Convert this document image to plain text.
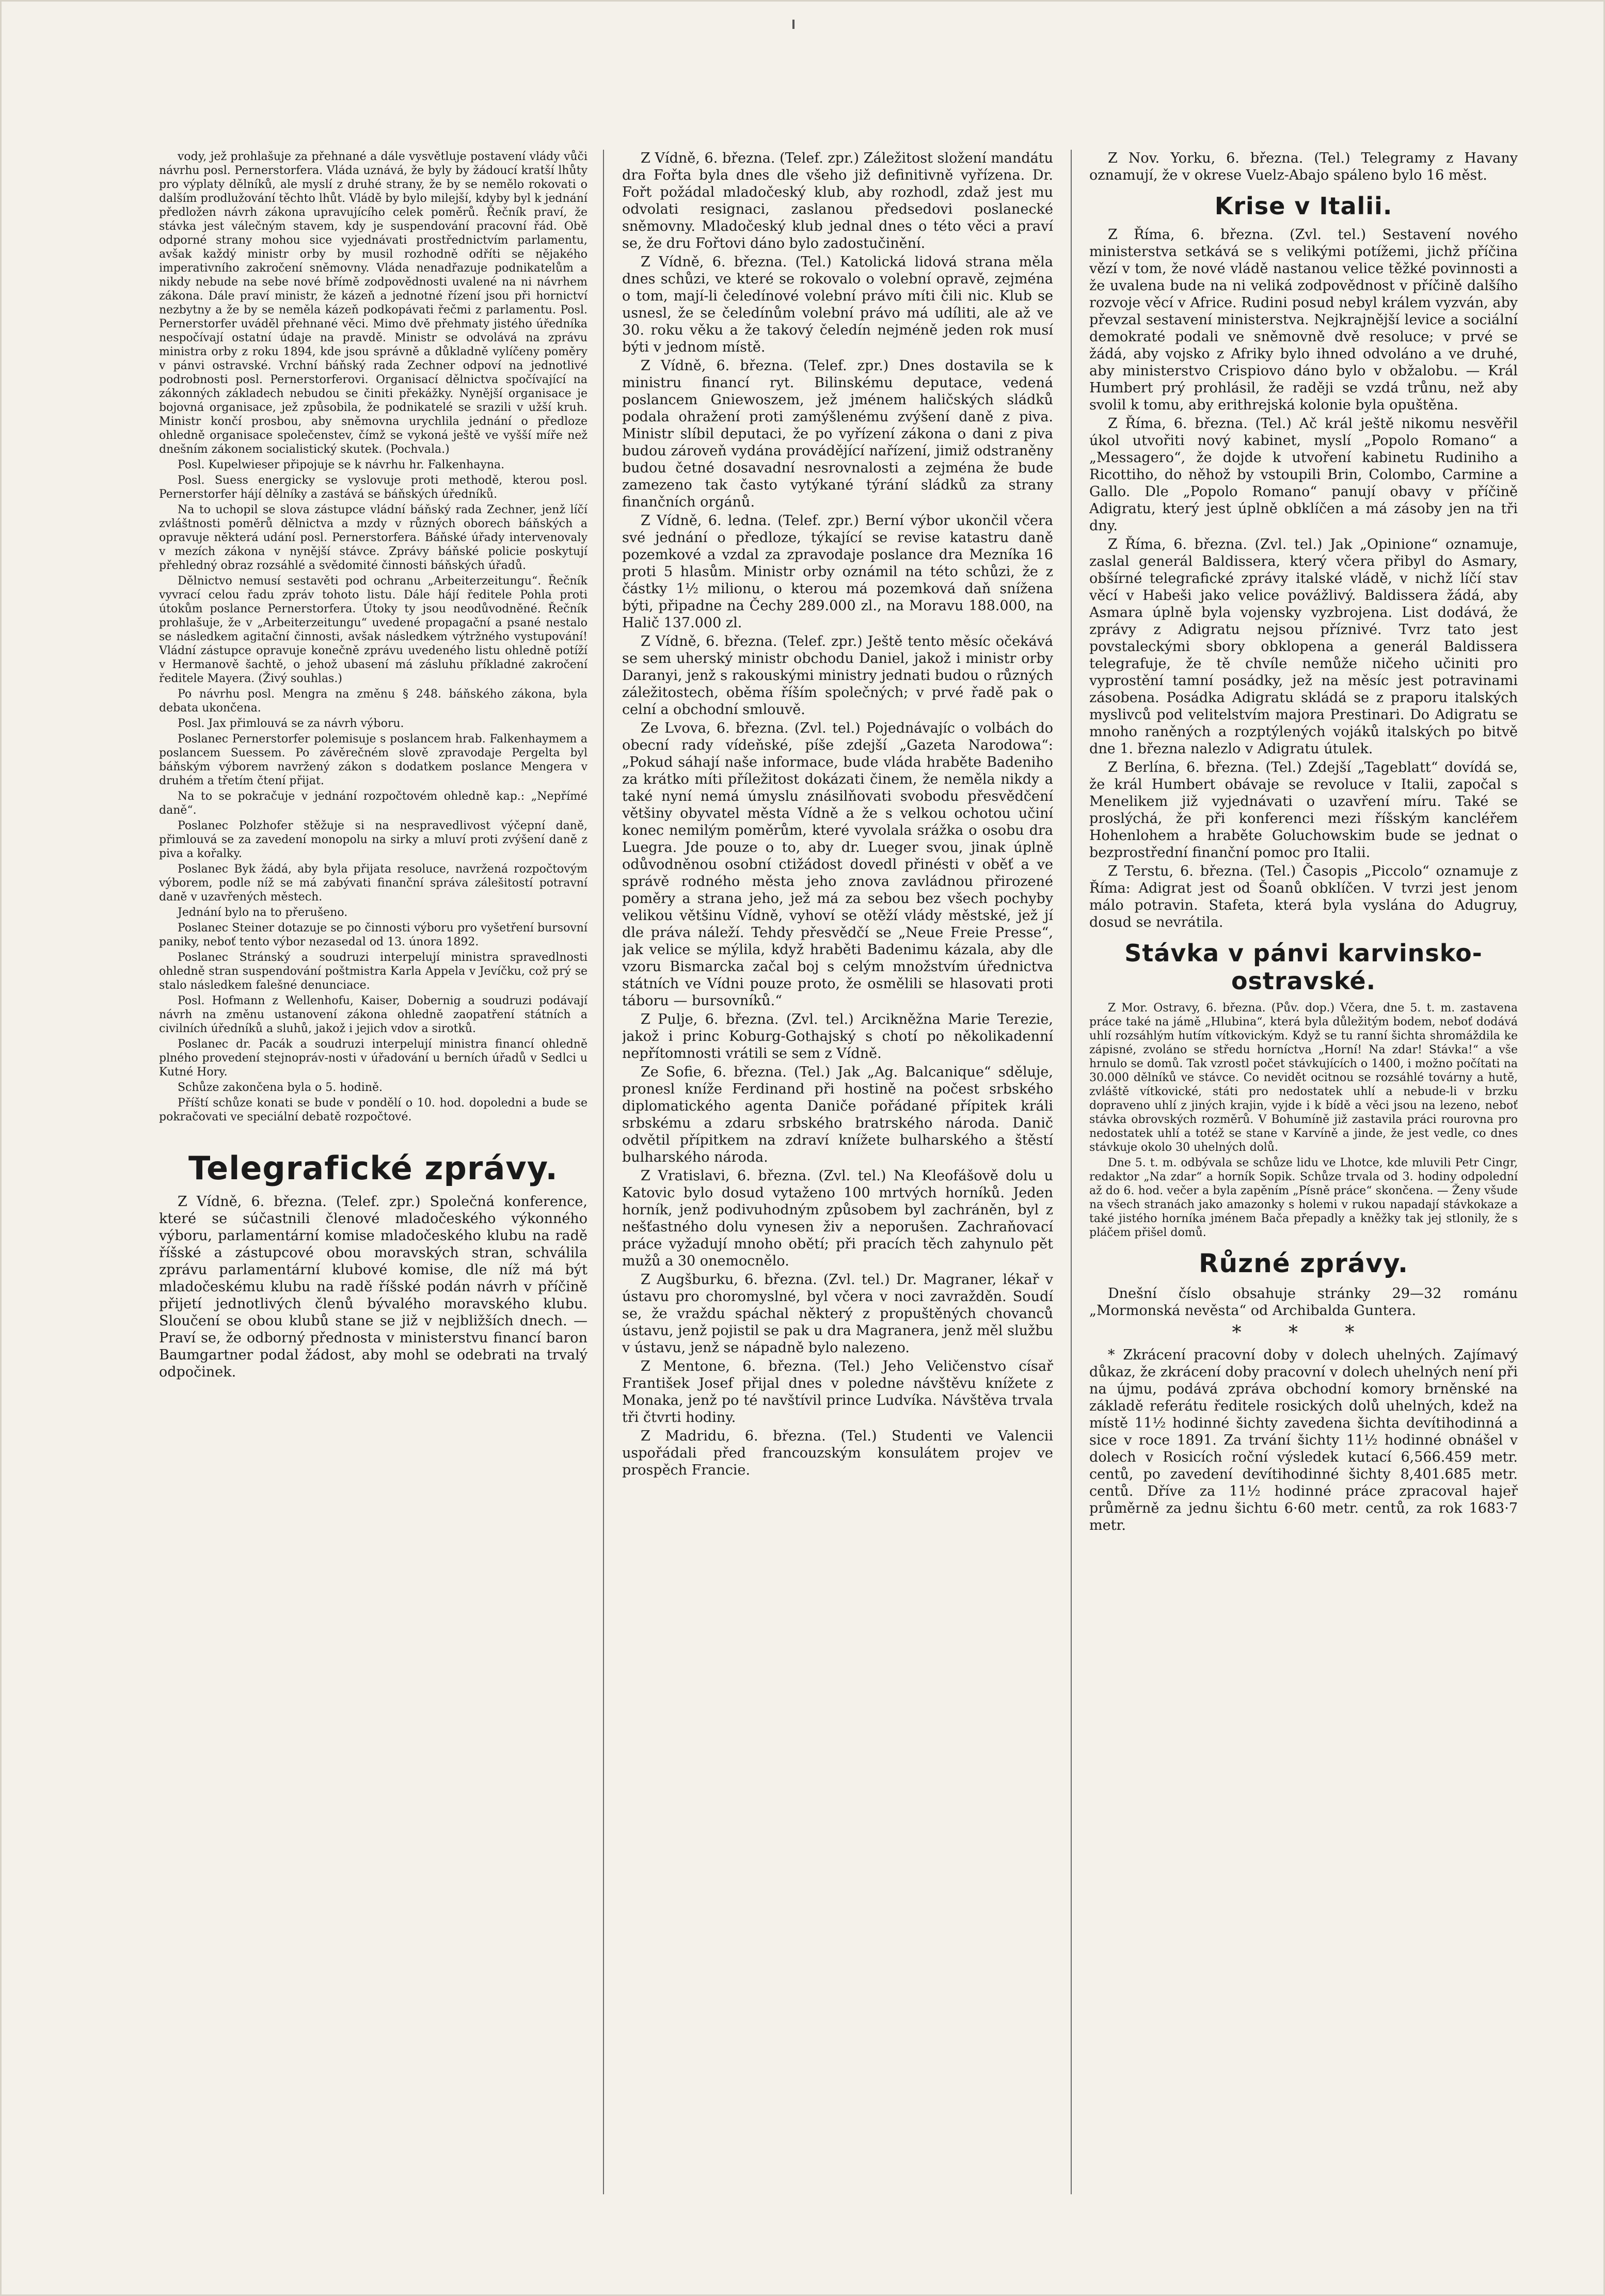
vody, jež prohlašuje za přehnané a dále vysvětluje postavení vlády vůči návrhu posl. Pernerstorfera. Vláda uznává, že byly by žádoucí kratší lhůty pro výplaty dělníků, ale myslí z druhé strany, že by se nemělo rokovati o dalším prodlužování těchto lhůt. Vládě by bylo milejší, kdyby byl k jednání předložen návrh zákona upravujícího celek poměrů. Řečník praví, že stávka jest válečným stavem, kdy je suspendování pracovní řád. Obě odporné strany mohou sice vyjednávati prostřednictvím parlamentu, avšak každý ministr orby by musil rozhodně odříti se nějakého imperativního zakročení sněmovny. Vláda nenadřazuje podnikatelům a nikdy nebude na sebe nové břímě zodpovědnosti uvalené na ni návrhem zákona. Dále praví ministr, že kázeň a jednotné řízení jsou při hornictví nezbytny a že by se neměla kázeň podkopávati řečmi z parlamentu. Posl. Pernerstorfer uváděl přehnané věci. Mimo dvě přehmaty jistého úředníka nespočívají ostatní údaje na pravdě. Ministr se odvolává na zprávu ministra orby z roku 1894, kde jsou správně a důkladně vylíčeny poměry v pánvi ostravské. Vrchní báňský rada Zechner odpoví na jednotlivé podrobnosti posl. Pernerstorferovi. Organisací dělnictva spočívající na zákonných základech nebudou se činiti překážky. Nynější organisace je bojovná organisace, jež způsobila, že podnikatelé se srazili v užší kruh. Ministr končí prosbou, aby sněmovna urychlila jednání o předloze ohledně organisace společenstev, čímž se vykoná ještě ve vyšší míře než dnešním zákonem socialistický skutek. (Pochvala.)

Posl. Kupelwieser připojuje se k návrhu hr. Falkenhayna.

Posl. Suess energicky se vyslovuje proti methodě, kterou posl. Pernerstorfer hájí dělníky a zastává se báňských úředníků.

Na to uchopil se slova zástupce vládní báňský rada Zechner, jenž líčí zvláštnosti poměrů dělnictva a mzdy v různých oborech báňských a opravuje některá udání posl. Pernerstorfera. Báňské úřady intervenovaly v mezích zákona v nynější stávce. Zprávy báňské policie poskytují přehledný obraz rozsáhlé a svědomité činnosti báňských úřadů.

Dělnictvo nemusí sestavěti pod ochranu „Arbeiterzeitungu“. Řečník vyvrací celou řadu zpráv tohoto listu. Dále hájí ředitele Pohla proti útokům poslance Pernerstorfera. Útoky ty jsou neodůvodněné. Řečník prohlašuje, že v „Arbeiterzeitungu“ uvedené propagační a psané nestalo se následkem agitační činnosti, avšak následkem výtržného vystupování! Vládní zástupce opravuje konečně zprávu uvedeného listu ohledně potíží v Hermanově šachtě, o jehož ubasení má zásluhu příkladné zakročení ředitele Mayera. (Živý souhlas.)

Po návrhu posl. Mengra na změnu § 248. báňského zákona, byla debata ukončena.

Posl. Jax přimlouvá se za návrh výboru.

Poslanec Pernerstorfer polemisuje s poslancem hrab. Falkenhaymem a poslancem Suessem. Po závěrečném slově zpravodaje Pergelta byl báňským výborem navržený zákon s dodatkem poslance Mengera v druhém a třetím čtení přijat.

Na to se pokračuje v jednání rozpočtovém ohledně kap.: „Nepřímé daně“.

Poslanec Polzhofer stěžuje si na nespravedlivost výčepní daně, přimlouvá se za zavedení monopolu na sirky a mluví proti zvýšení daně z piva a kořalky.

Poslanec Byk žádá, aby byla přijata resoluce, navržená rozpočtovým výborem, podle níž se má zabývati finanční správa zálešitostí potravní daně v uzavřených městech.

Jednání bylo na to přerušeno.

Poslanec Steiner dotazuje se po činnosti výboru pro vyšetření bursovní paniky, neboť tento výbor nezasedal od 13. února 1892.

Poslanec Stránský a soudruzi interpelují ministra spravedlnosti ohledně stran suspendování poštmistra Karla Appela v Jevíčku, což prý se stalo následkem falešné denunciace.

Posl. Hofmann z Wellenhofu, Kaiser, Dobernig a soudruzi podávají návrh na změnu ustanovení zákona ohledně zaopatření státních a civilních úředníků a sluhů, jakož i jejich vdov a sirotků.

Poslanec dr. Pacák a soudruzi interpelují ministra financí ohledně plného provedení stejnopráv-nosti v úřadování u berních úřadů v Sedlci u Kutné Hory.

Schůze zakončena byla o 5. hodině.

Příští schůze konati se bude v pondělí o 10. hod. dopoledni a bude se pokračovati ve speciální debatě rozpočtové.

Telegrafické zprávy.

Z Vídně, 6. března. (Telef. zpr.) Společná konference, které se súčastnili členové mladočeského výkonného výboru, parlamentární komise mladočeského klubu na radě říšské a zástupcové obou moravských stran, schválila zprávu parlamentární klubové komise, dle níž má být mladočeskému klubu na radě říšské podán návrh v příčině přijetí jednotlivých členů bývalého moravského klubu. Sloučení se obou klubů stane se již v nejbližších dnech. — Praví se, že odborný přednosta v ministerstvu financí baron Baumgartner podal žádost, aby mohl se odebrati na trvalý odpočinek.

Z Vídně, 6. března. (Telef. zpr.) Záležitost složení mandátu dra Fořta byla dnes dle všeho již definitivně vyřízena. Dr. Fořt požádal mladočeský klub, aby rozhodl, zdaž jest mu odvolati resignaci, zaslanou předsedovi poslanecké sněmovny. Mladočeský klub jednal dnes o této věci a praví se, že dru Fořtovi dáno bylo zadostučinění.

Z Vídně, 6. března. (Tel.) Katolická lidová strana měla dnes schůzi, ve které se rokovalo o volební opravě, zejména o tom, mají-li čeledínové volební právo míti čili nic. Klub se usnesl, že se čeledínům volební právo má udíliti, ale až ve 30. roku věku a že takový čeledín nejméně jeden rok musí býti v jednom místě.

Z Vídně, 6. března. (Telef. zpr.) Dnes dostavila se k ministru financí ryt. Bilinskému deputace, vedená poslancem Gniewoszem, jež jménem haličských sládků podala ohražení proti zamýšlenému zvýšení daně z piva. Ministr slíbil deputaci, že po vyřízení zákona o dani z piva budou zároveň vydána provádějící nařízení, jimiž odstraněny budou četné dosavadní nesrovnalosti a zejména že bude zamezeno tak často vytýkané týrání sládků za strany finančních orgánů.

Z Vídně, 6. ledna. (Telef. zpr.) Berní výbor ukončil včera své jednání o předloze, týkající se revise katastru daně pozemkové a vzdal za zpravodaje poslance dra Mezníka 16 proti 5 hlasům. Ministr orby oznámil na této schůzi, že z částky 1½ milionu, o kterou má pozemková daň snížena býti, připadne na Čechy 289.000 zl., na Moravu 188.000, na Halič 137.000 zl.

Z Vídně, 6. března. (Telef. zpr.) Ještě tento měsíc očekává se sem uherský ministr obchodu Daniel, jakož i ministr orby Daranyi, jenž s rakouskými ministry jednati budou o různých záležitostech, oběma říším společných; v prvé řadě pak o celní a obchodní smlouvě.

Ze Lvova, 6. března. (Zvl. tel.) Pojednávajíc o volbách do obecní rady vídeňské, píše zdejší „Gazeta Narodowa“: „Pokud sáhají naše informace, bude vláda hraběte Badeniho za krátko míti příležitost dokázati činem, že neměla nikdy a také nyní nemá úmyslu znásilňovati svobodu přesvědčení většiny obyvatel města Vídně a že s velkou ochotou učiní konec nemilým poměrům, které vyvolala srážka o osobu dra Luegra. Jde pouze o to, aby dr. Lueger svou, jinak úplně odůvodněnou osobní ctižádost dovedl přinésti v oběť a ve správě rodného města jeho znova zavládnou přirozené poměry a strana jeho, jež má za sebou bez všech pochyby velikou většinu Vídně, vyhoví se otěží vlády městské, jež jí dle práva náleží. Tehdy přesvědčí se „Neue Freie Presse“, jak velice se mýlila, když hraběti Badenimu kázala, aby dle vzoru Bismarcka začal boj s celým množstvím úřednictva státních ve Vídni pouze proto, že osmělili se hlasovati proti táboru — bursovníků.“

Z Pulje, 6. března. (Zvl. tel.) Arcikněžna Marie Terezie, jakož i princ Koburg-Gothajský s chotí po několikadenní nepřítomnosti vrátili se sem z Vídně.

Ze Sofie, 6. března. (Tel.) Jak „Ag. Balcanique“ sděluje, pronesl kníže Ferdinand při hostině na počest srbského diplomatického agenta Daniče pořádané přípitek králi srbskému a zdaru srbského bratrského národa. Danič odvětil přípitkem na zdraví knížete bulharského a štěstí bulharského národa.

Z Vratislavi, 6. března. (Zvl. tel.) Na Kleofášově dolu u Katovic bylo dosud vytaženo 100 mrtvých horníků. Jeden horník, jenž podivuhodným způsobem byl zachráněn, byl z nešťastného dolu vynesen živ a neporušen. Zachraňovací práce vyžadují mnoho obětí; při pracích těch zahynulo pět mužů a 30 onemocnělo.

Z Augšburku, 6. března. (Zvl. tel.) Dr. Magraner, lékař v ústavu pro choromyslné, byl včera v noci zavražděn. Soudí se, že vraždu spáchal některý z propuštěných chovanců ústavu, jenž pojistil se pak u dra Magranera, jenž měl službu v ústavu, jenž se nápadně bylo nalezeno.

Z Mentone, 6. března. (Tel.) Jeho Veličenstvo císař František Josef přijal dnes v poledne návštěvu knížete z Monaka, jenž po té navštívil prince Ludvíka. Návštěva trvala tři čtvrti hodiny.

Z Madridu, 6. března. (Tel.) Studenti ve Valencii uspořádali před francouzským konsulátem projev ve prospěch Francie.

Z Nov. Yorku, 6. března. (Tel.) Telegramy z Havany oznamují, že v okrese Vuelz-Abajo spáleno bylo 16 měst.

Krise v Italii.

Z Říma, 6. března. (Zvl. tel.) Sestavení nového ministerstva setkává se s velikými potížemi, jichž příčina vězí v tom, že nové vládě nastanou velice těžké povinnosti a že uvalena bude na ni veliká zodpovědnost v příčině dalšího rozvoje věcí v Africe. Rudini posud nebyl králem vyzván, aby převzal sestavení ministerstva. Nejkrajnější levice a sociální demokraté podali ve sněmovně dvě resoluce; v prvé se žádá, aby vojsko z Afriky bylo ihned odvoláno a ve druhé, aby ministerstvo Crispiovo dáno bylo v obžalobu. — Král Humbert prý prohlásil, že raději se vzdá trůnu, než aby svolil k tomu, aby erithrejská kolonie byla opuštěna.

Z Říma, 6. března. (Tel.) Ač král ještě nikomu nesvěřil úkol utvořiti nový kabinet, myslí „Popolo Romano“ a „Messagero“, že dojde k utvoření kabinetu Rudiniho a Ricottiho, do něhož by vstoupili Brin, Colombo, Carmine a Gallo. Dle „Popolo Romano“ panují obavy v příčině Adigratu, který jest úplně obklíčen a má zásoby jen na tři dny.

Z Říma, 6. března. (Zvl. tel.) Jak „Opinione“ oznamuje, zaslal generál Baldissera, který včera přibyl do Asmary, obšírné telegrafické zprávy italské vládě, v nichž líčí stav věcí v Habeši jako velice povážlivý. Baldissera žádá, aby Asmara úplně byla vojensky vyzbrojena. List dodává, že zprávy z Adigratu nejsou příznivé. Tvrz tato jest povstaleckými sbory obklopena a generál Baldissera telegrafuje, že tě chvíle nemůže ničeho učiniti pro vyprostění tamní posádky, jež na měsíc jest potravinami zásobena. Posádka Adigratu skládá se z praporu italských myslivců pod velitelstvím majora Prestinari. Do Adigratu se mnoho raněných a rozptýlených vojáků italských po bitvě dne 1. března nalezlo v Adigratu útulek.

Z Berlína, 6. března. (Tel.) Zdejší „Tageblatt“ dovídá se, že král Humbert obávaje se revoluce v Italii, započal s Menelikem již vyjednávati o uzavření míru. Také se proslýchá, že při konferenci mezi říšským kancléřem Hohenlohem a hraběte Goluchowskim bude se jednat o bezprostřední finanční pomoc pro Italii.

Z Terstu, 6. března. (Tel.) Časopis „Piccolo“ oznamuje z Říma: Adigrat jest od Šoanů obklíčen. V tvrzi jest jenom málo potravin. Stafeta, která byla vyslána do Adugruy, dosud se nevrátila.

Stávka v pánvi karvinsko-ostravské.

Z Mor. Ostravy, 6. března. (Pův. dop.) Včera, dne 5. t. m. zastavena práce také na jámě „Hlubina“, která byla důležitým bodem, neboť dodává uhlí rozsáhlým hutím vítkovickým. Když se tu ranní šichta shromáždila ke zápisné, zvoláno se středu horníctva „Horní! Na zdar! Stávka!“ a vše hrnulo se domů. Tak vzrostl počet stávkujících o 1400, i možno počítati na 30.000 dělníků ve stávce. Co nevidět ocitnou se rozsáhlé továrny a hutě, zvláště vítkovické, státi pro nedostatek uhlí a nebude-li v brzku dopraveno uhlí z jiných krajin, vyjde i k bídě a věci jsou na lezeno, neboť stávka obrovských rozměrů. V Bohumíně již zastavila práci rourovna pro nedostatek uhlí a totéž se stane v Karvíně a jinde, že jest vedle, co dnes stávkuje okolo 30 uhelných dolů.

Dne 5. t. m. odbývala se schůze lidu ve Lhotce, kde mluvili Petr Cingr, redaktor „Na zdar“ a horník Sopik. Schůze trvala od 3. hodiny odpolední až do 6. hod. večer a byla zapěním „Písně práce“ skončena. — Ženy všude na všech stranách jako amazonky s holemi v rukou napadají stávkokaze a také jistého horníka jménem Bača přepadly a kněžky tak jej stlonily, že s pláčem přišel domů.

Různé zprávy.

Dnešní číslo obsahuje stránky 29—32 románu „Mormonská nevěsta“ od Archibalda Guntera.

* * *

* Zkrácení pracovní doby v dolech uhelných. Zajímavý důkaz, že zkrácení doby pracovní v dolech uhelných není při na újmu, podává zpráva obchodní komory brněnské na základě referátu ředitele rosických dolů uhelných, kdež na místě 11½ hodinné šichty zavedena šichta devítihodinná a sice v roce 1891. Za trvání šichty 11½ hodinné obnášel v dolech v Rosicích roční výsledek kutací 6,566.459 metr. centů, po zavedení devítihodinné šichty 8,401.685 metr. centů. Dříve za 11½ hodinné práce zpracoval hajeř průměrně za jednu šichtu 6·60 metr. centů, za rok 1683·7 metr.
